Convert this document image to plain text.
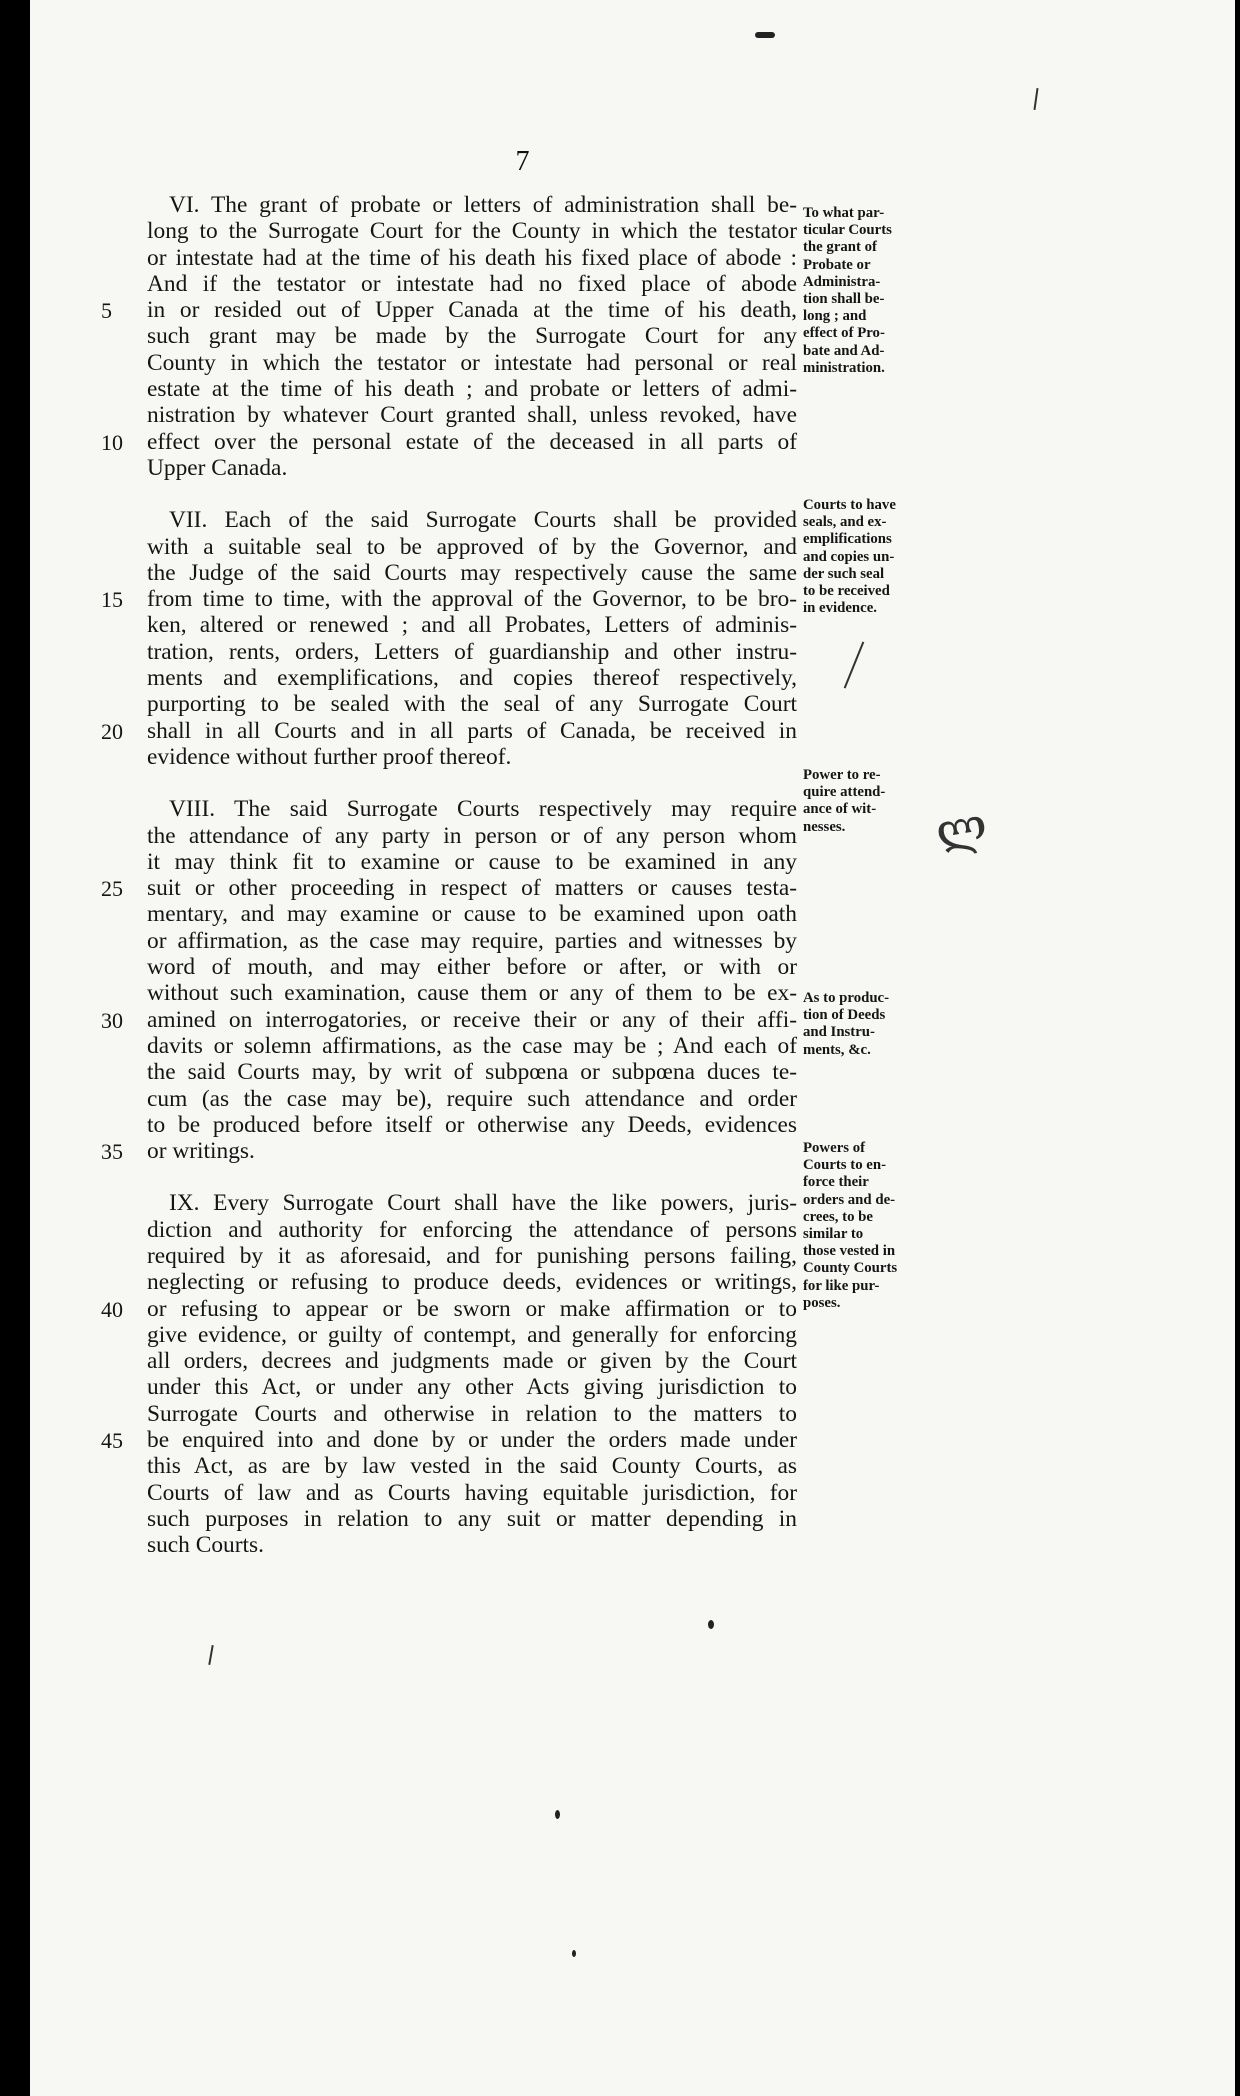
7
VI. The grant of probate or letters of administration shall be-
long to the Surrogate Court for the County in which the testator
or intestate had at the time of his death his fixed place of abode :
And if the testator or intestate had no fixed place of abode
5	in or resided out of Upper Canada at the time of his death,
such grant may be made by the Surrogate Court for any
County in which the testator or intestate had personal or real
estate at the time of his death ; and probate or letters of admi-
nistration by whatever Court granted shall, unless revoked, have
10	effect over the personal estate of the deceased in all parts of
Upper Canada.
VII. Each of the said Surrogate Courts shall be provided
with a suitable seal to be approved of by the Governor, and
the Judge of the said Courts may respectively cause the same
15	from time to time, with the approval of the Governor, to be bro-
ken, altered or renewed ; and all Probates, Letters of adminis-
tration, rents, orders, Letters of guardianship and other instru-
ments and exemplifications, and copies thereof respectively,
purporting to be sealed with the seal of any Surrogate Court
20	shall in all Courts and in all parts of Canada, be received in
evidence without further proof thereof.
VIII. The said Surrogate Courts respectively may require
the attendance of any party in person or of any person whom
it may think fit to examine or cause to be examined in any
25	suit or other proceeding in respect of matters or causes testa-
mentary, and may examine or cause to be examined upon oath
or affirmation, as the case may require, parties and witnesses by
word of mouth, and may either before or after, or with or
without such examination, cause them or any of them to be ex-
30	amined on interrogatories, or receive their or any of their affi-
davits or solemn affirmations, as the case may be ; And each of
the said Courts may, by writ of subpœna or subpœna duces te-
cum (as the case may be), require such attendance and order
to be produced before itself or otherwise any Deeds, evidences
35	or writings.
IX. Every Surrogate Court shall have the like powers, juris-
diction and authority for enforcing the attendance of persons
required by it as aforesaid, and for punishing persons failing,
neglecting or refusing to produce deeds, evidences or writings,
40	or refusing to appear or be sworn or make affirmation or to
give evidence, or guilty of contempt, and generally for enforcing
all orders, decrees and judgments made or given by the Court
under this Act, or under any other Acts giving jurisdiction to
Surrogate Courts and otherwise in relation to the matters to
45	be enquired into and done by or under the orders made under
this Act, as are by law vested in the said County Courts, as
Courts of law and as Courts having equitable jurisdiction, for
such purposes in relation to any suit or matter depending in
such Courts.
To what par-
ticular Courts
the grant of
Probate or
Administra-
tion shall be-
long ; and
effect of Pro-
bate and Ad-
ministration.
Courts to have
seals, and ex-
emplifications
and copies un-
der such seal
to be received
in evidence.
Power to re-
quire attend-
ance of wit-
nesses.
As to produc-
tion of Deeds
and Instru-
ments, &c.
Powers of
Courts to en-
force their
orders and de-
crees, to be
similar to
those vested in
County Courts
for like pur-
poses.
ლ
